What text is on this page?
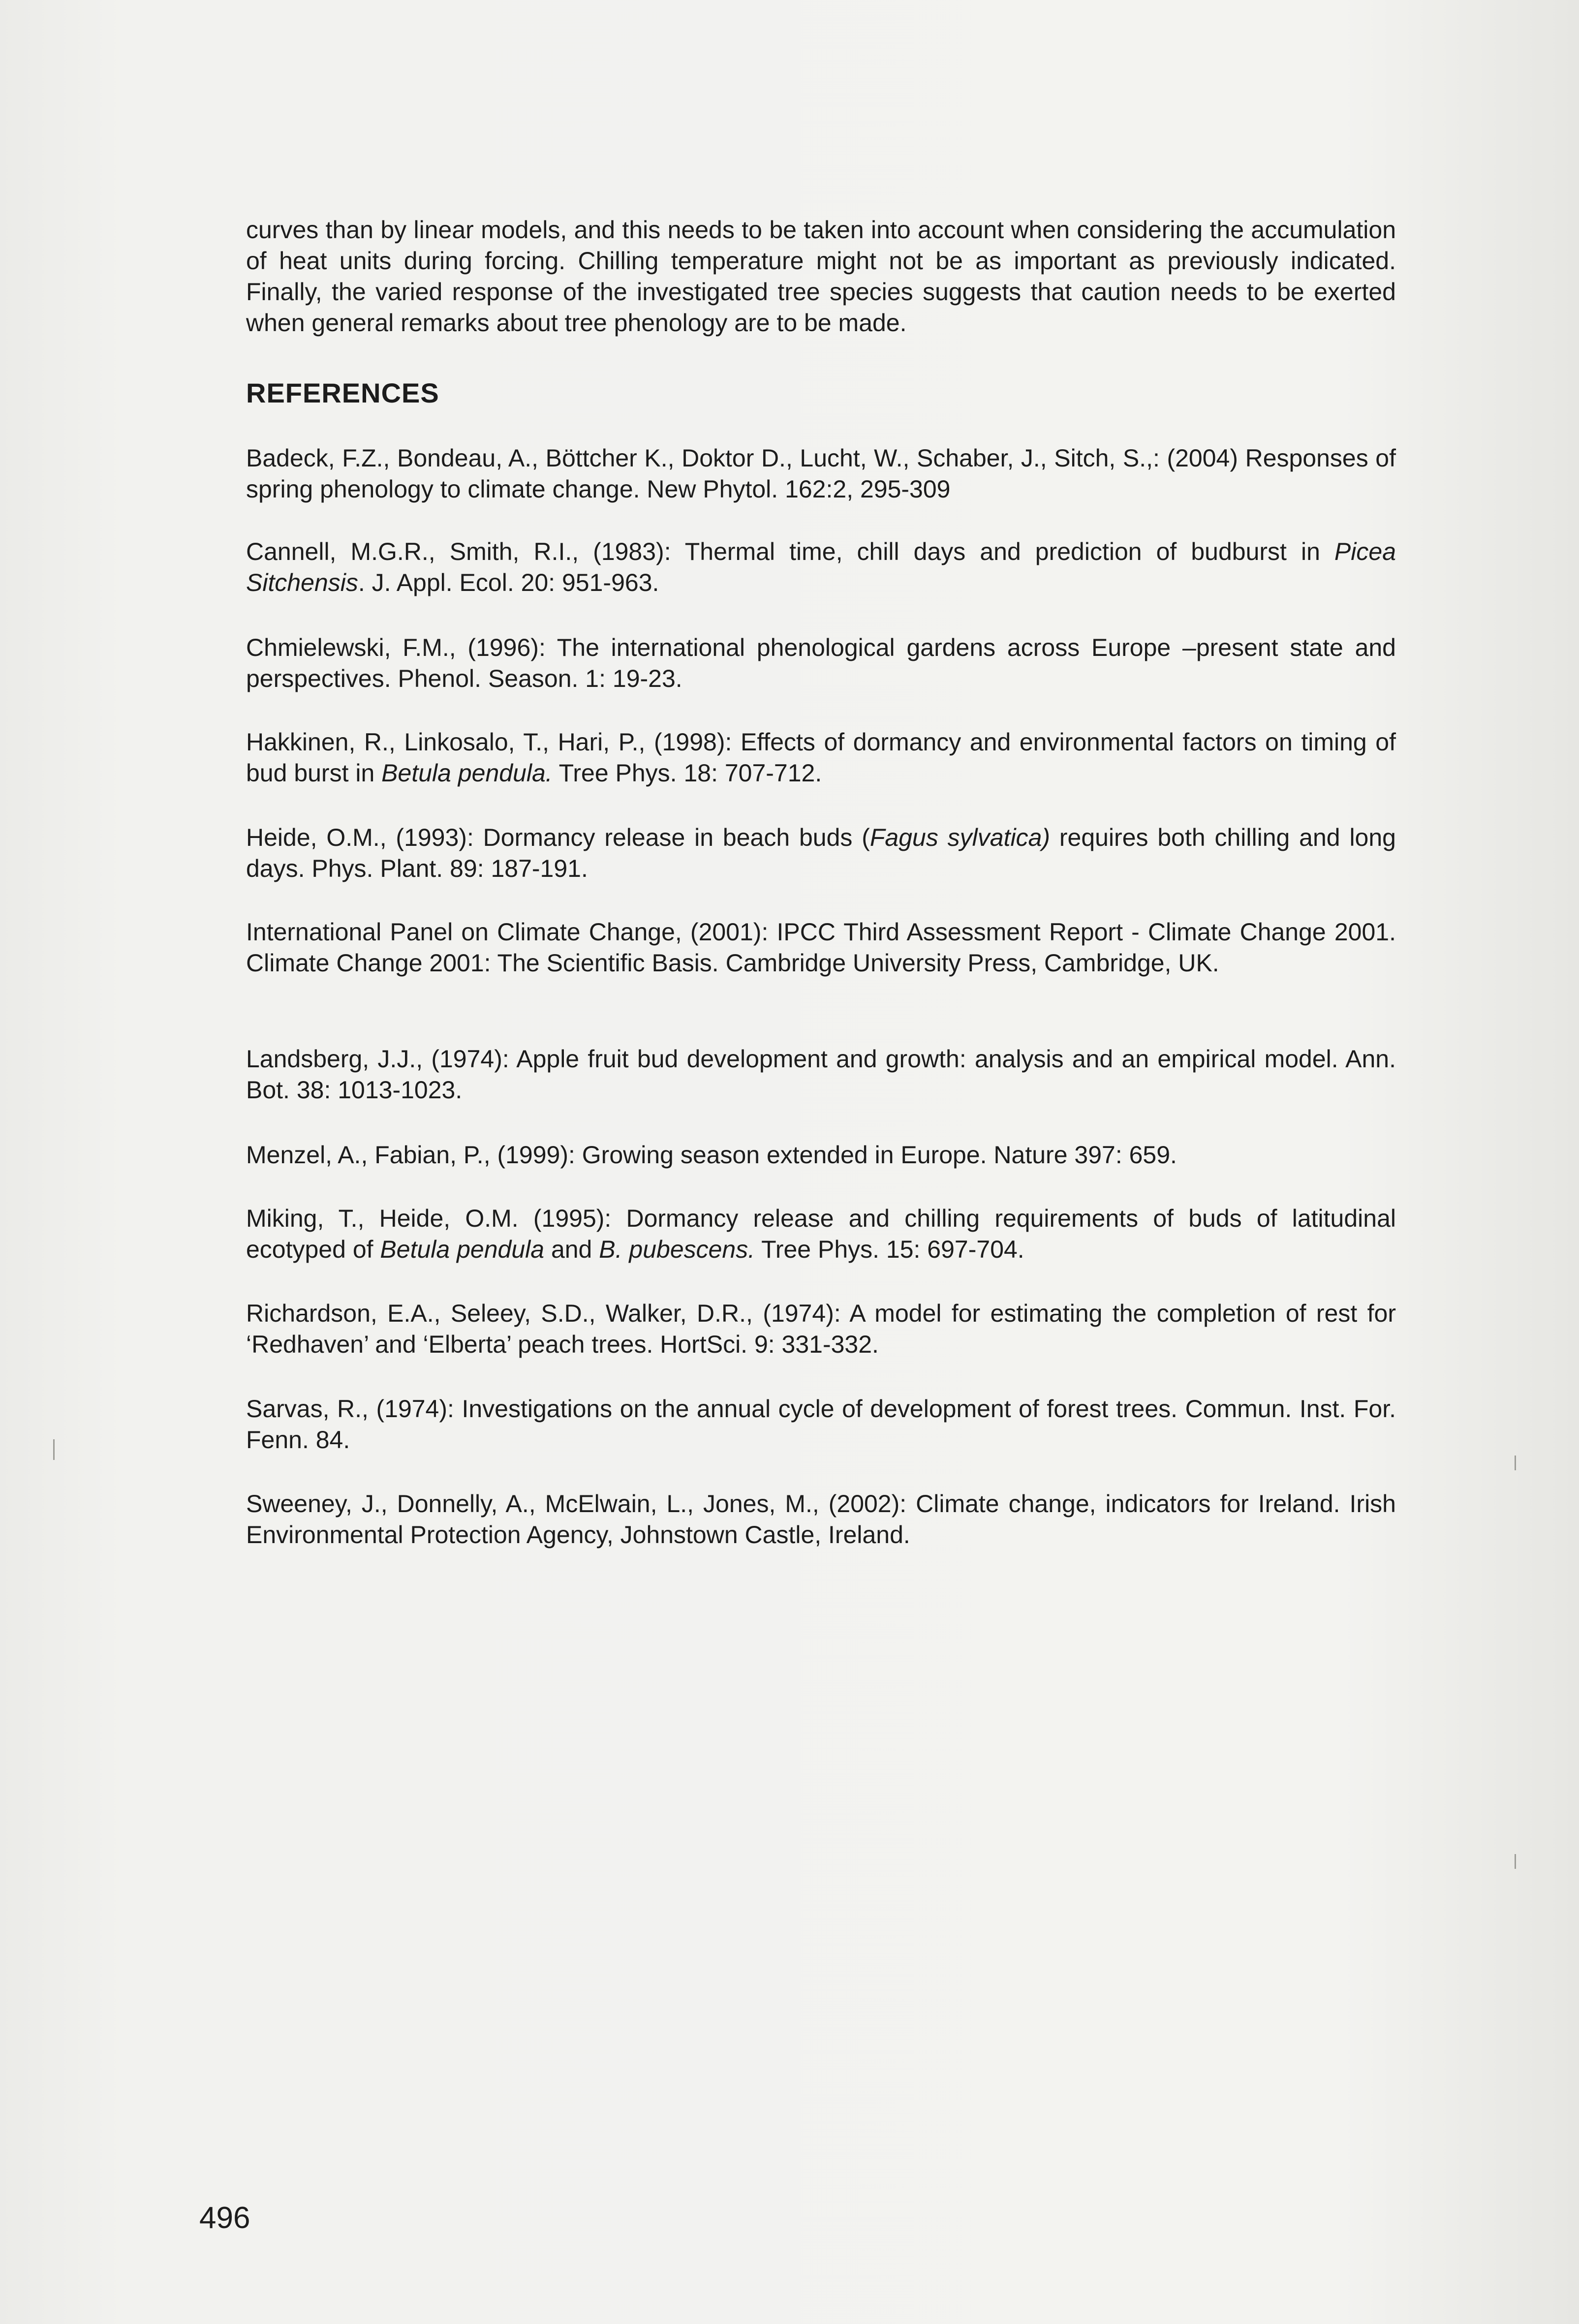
curves than by linear models, and this needs to be taken into account when considering the accumulation of heat units during forcing. Chilling temperature might not be as important as previously indicated. Finally, the varied response of the investigated tree species suggests that caution needs to be exerted when general remarks about tree phenology are to be made.

REFERENCES

Badeck, F.Z., Bondeau, A., Böttcher K., Doktor D., Lucht, W., Schaber, J., Sitch, S.,: (2004) Responses of spring phenology to climate change. New Phytol. 162:2, 295-309

Cannell, M.G.R., Smith, R.I., (1983): Thermal time, chill days and prediction of budburst in Picea Sitchensis. J. Appl. Ecol. 20: 951-963.

Chmielewski, F.M., (1996): The international phenological gardens across Europe –present state and perspectives. Phenol. Season. 1: 19-23.

Hakkinen, R., Linkosalo, T., Hari, P., (1998): Effects of dormancy and environmental factors on timing of bud burst in Betula pendula. Tree Phys. 18: 707-712.

Heide, O.M., (1993): Dormancy release in beach buds (Fagus sylvatica) requires both chilling and long days. Phys. Plant. 89: 187-191.

International Panel on Climate Change, (2001): IPCC Third Assessment Report - Climate Change 2001. Climate Change 2001: The Scientific Basis. Cambridge University Press, Cambridge, UK.

Landsberg, J.J., (1974): Apple fruit bud development and growth: analysis and an empirical model. Ann. Bot. 38: 1013-1023.

Menzel, A., Fabian, P., (1999): Growing season extended in Europe. Nature 397: 659.

Miking, T., Heide, O.M. (1995): Dormancy release and chilling requirements of buds of latitudinal ecotyped of Betula pendula and B. pubescens. Tree Phys. 15: 697-704.

Richardson, E.A., Seleey, S.D., Walker, D.R., (1974): A model for estimating the completion of rest for ‘Redhaven’ and ‘Elberta’ peach trees. HortSci. 9: 331-332.

Sarvas, R., (1974): Investigations on the annual cycle of development of forest trees. Commun. Inst. For. Fenn. 84.

Sweeney, J., Donnelly, A., McElwain, L., Jones, M., (2002): Climate change, indicators for Ireland. Irish Environmental Protection Agency, Johnstown Castle, Ireland.

496
